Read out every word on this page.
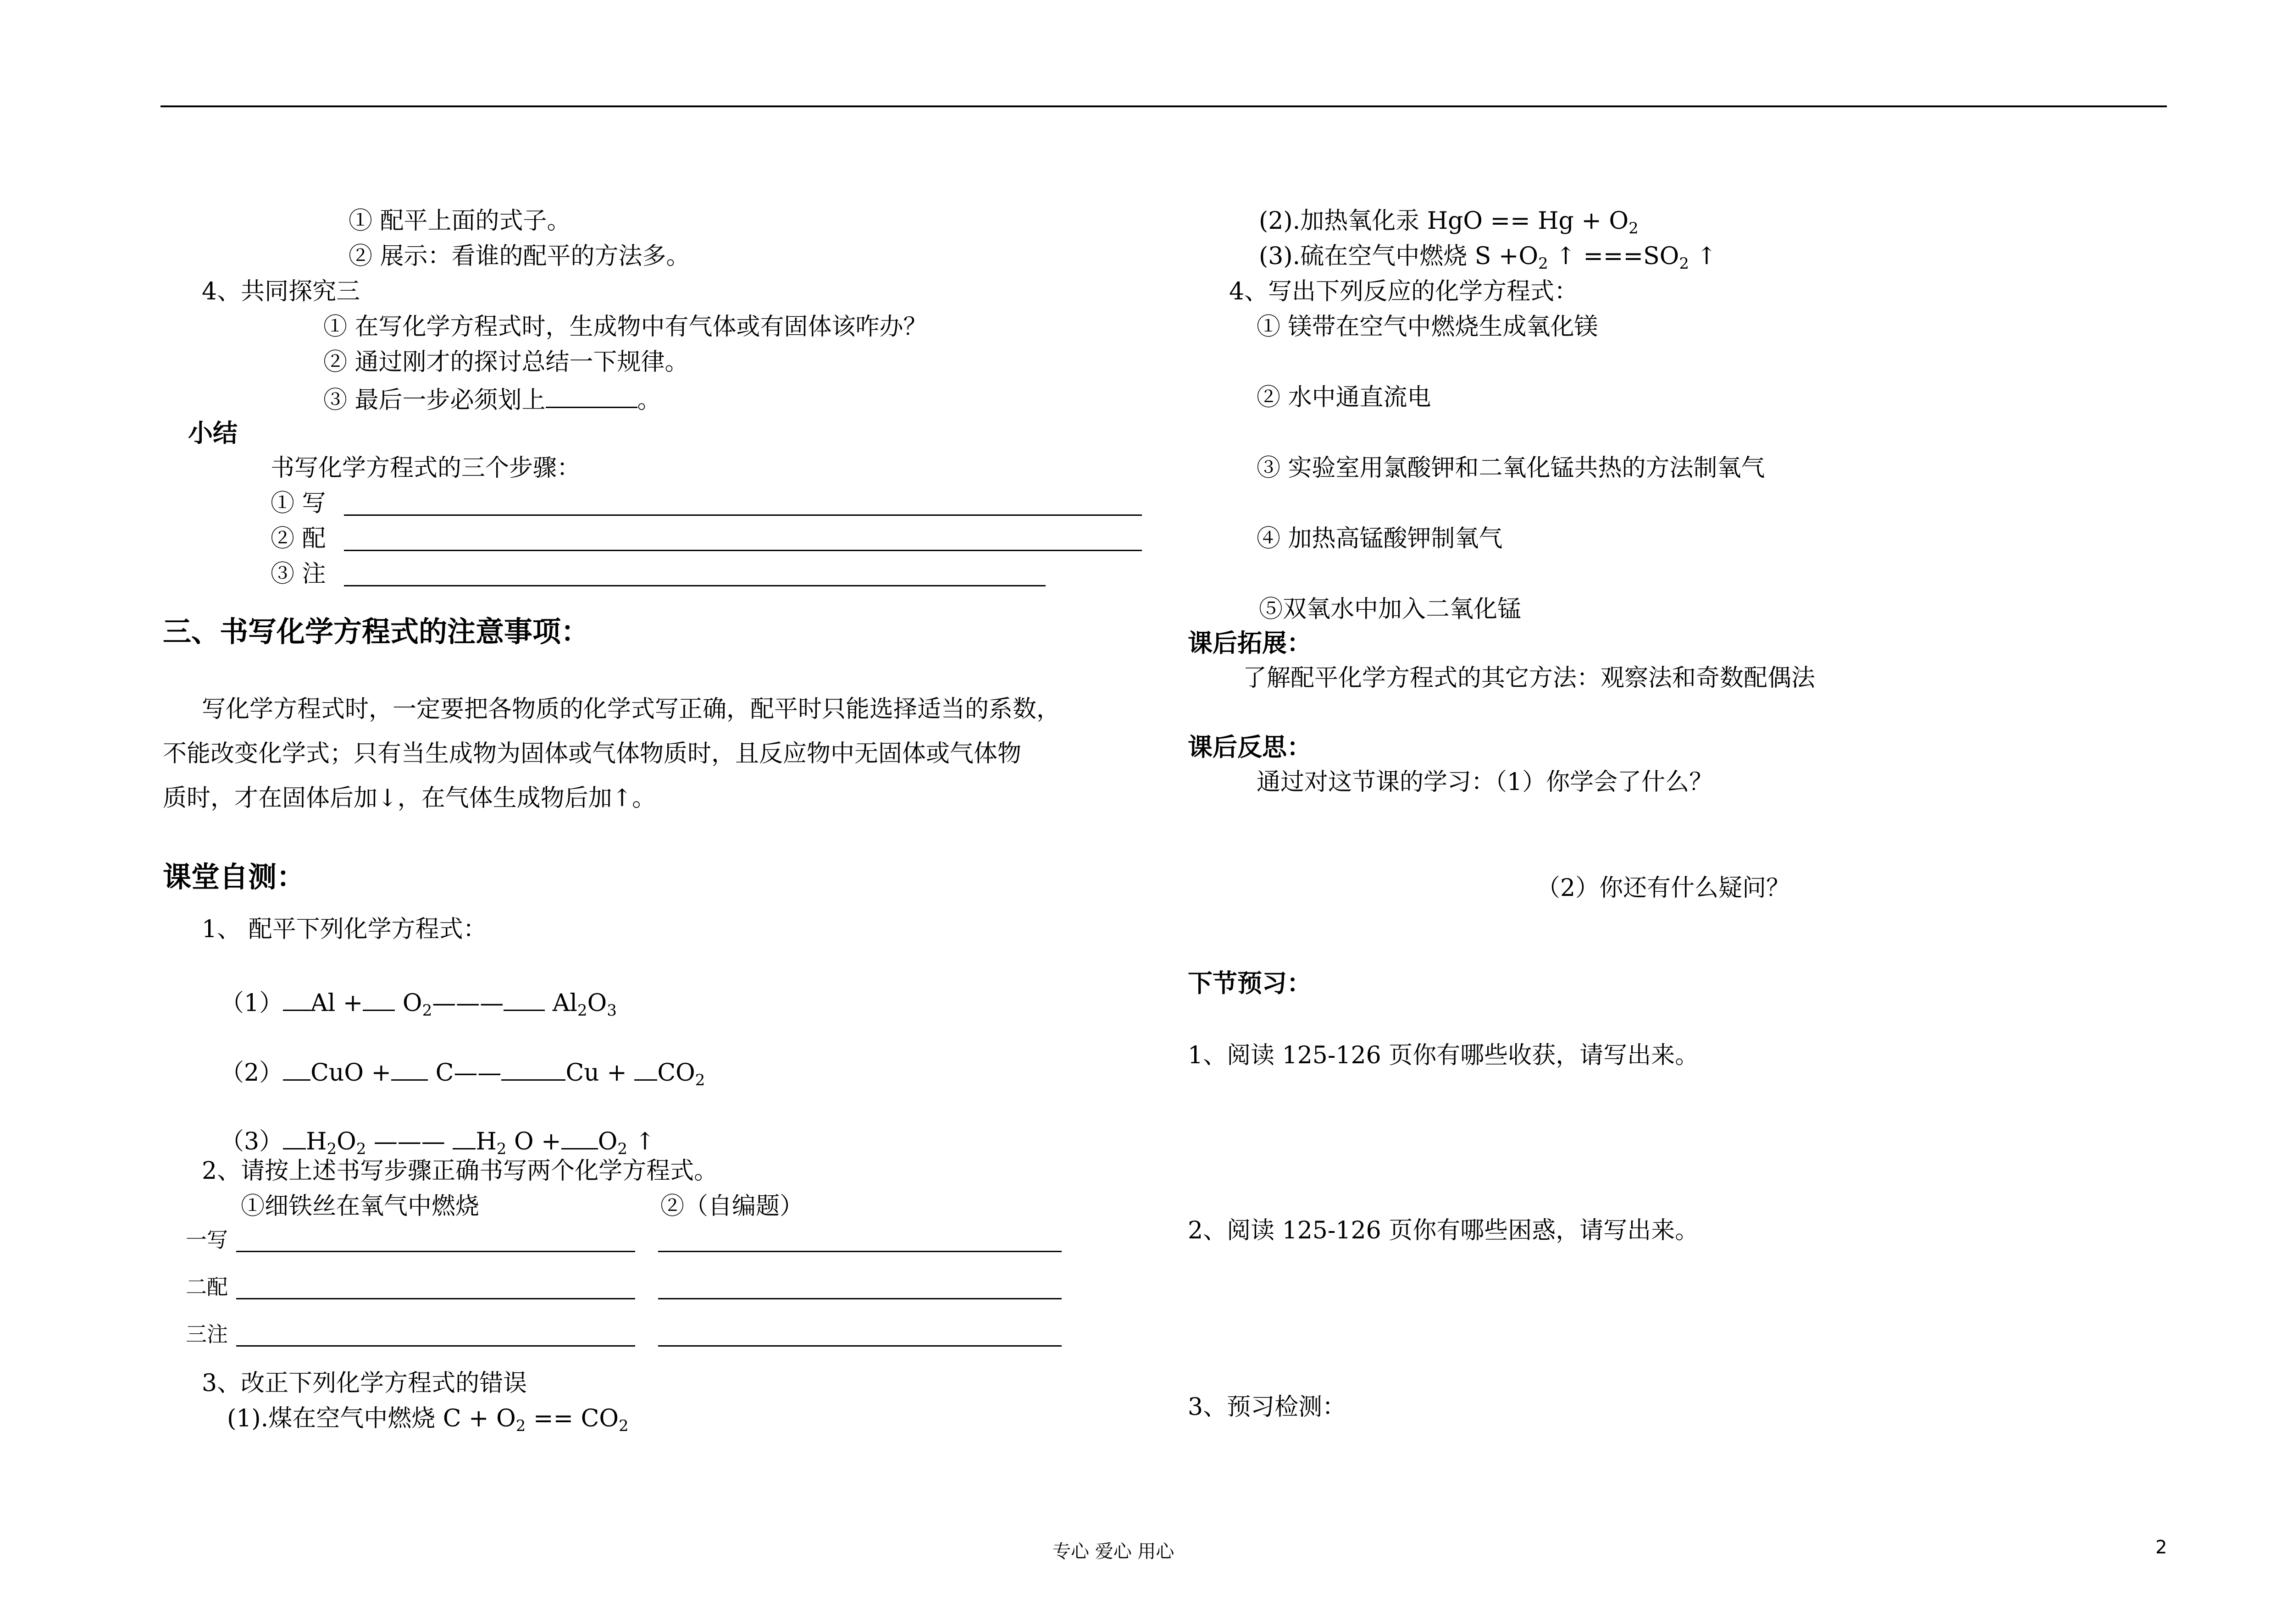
① 配平上面的式子。
② 展示：看谁的配平的方法多。
4、共同探究三
① 在写化学方程式时，生成物中有气体或有固体该咋办？
② 通过刚才的探讨总结一下规律。
③ 最后一步必须划上	。
小结
书写化学方程式的三个步骤：
① 写
② 配
③ 注
三、书写化学方程式的注意事项：
写化学方程式时，一定要把各物质的化学式写正确，配平时只能选择适当的系数，
不能改变化学式；只有当生成物为固体或气体物质时，且反应物中无固体或气体物
质时，才在固体后加↓，在气体生成物后加↑。
课堂自测：
1、 配平下列化学方程式：
（1） $Al + O_2———$ $Al_2O_3$
（2） CuO + C——	$Cu + CO_2$
（3） $H_2O_2$ ——— $H_2$ $O + O_2$ ↑
2、请按上述书写步骤正确书写两个化学方程式。
①细铁丝在氧气中燃烧	②（自编题）
一写
二配
三注
3、改正下列化学方程式的错误
(1).煤在空气中燃烧 $C + O_2 == CO_2$
(2).加热氧化汞 HgO == $Hg + O_2$
(3).硫在空气中燃烧 $S +O_2$ ↑ $===SO_2$ ↑
4、写出下列反应的化学方程式：
① 镁带在空气中燃烧生成氧化镁
② 水中通直流电
③ 实验室用氯酸钾和二氧化锰共热的方法制氧气
④ 加热高锰酸钾制氧气
⑤双氧水中加入二氧化锰
课后拓展：
了解配平化学方程式的其它方法：观察法和奇数配偶法
课后反思：
通过对这节课的学习：（1）你学会了什么？
（2）你还有什么疑问？
下节预习：
1、阅读 125-126 页你有哪些收获，请写出来。
2、阅读 125-126 页你有哪些困惑，请写出来。
3、预习检测：
专心 爱心 用心	2
